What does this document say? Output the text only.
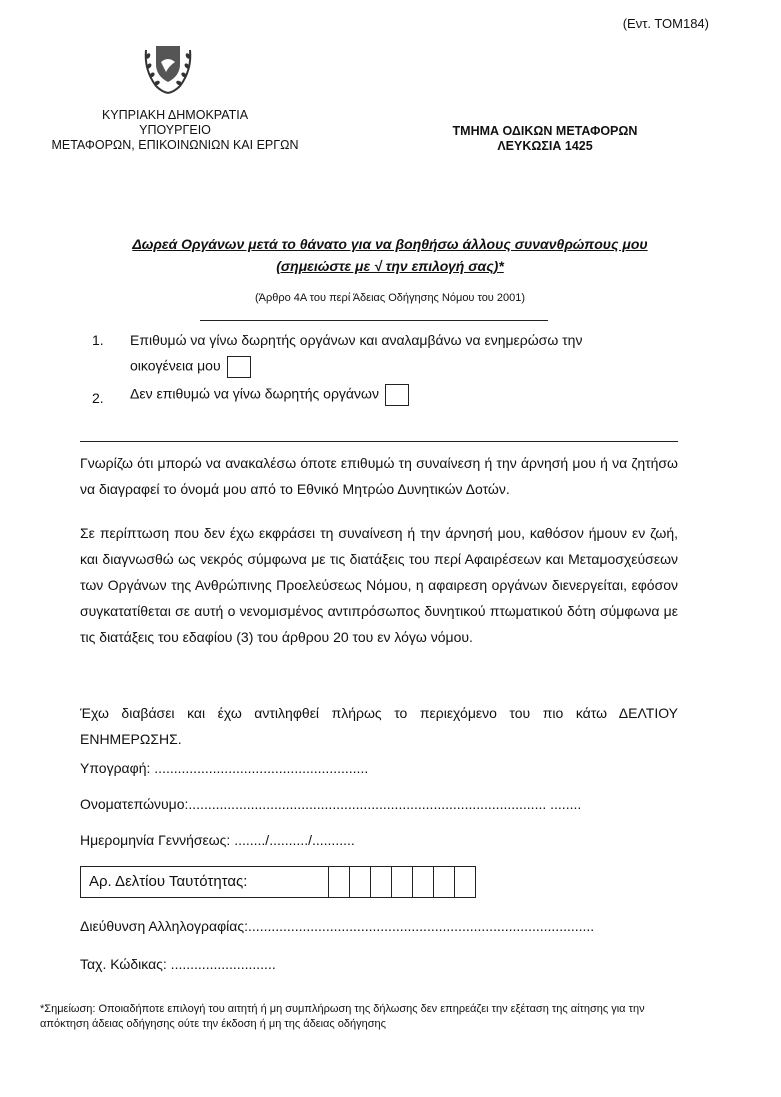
(Εντ. ΤΟΜ184)
ΚΥΠΡΙΑΚΗ ΔΗΜΟΚΡΑΤΙΑ
ΥΠΟΥΡΓΕΙΟ
ΜΕΤΑΦΟΡΩΝ, ΕΠΙΚΟΙΝΩΝΙΩΝ ΚΑΙ ΕΡΓΩΝ
ΤΜΗΜΑ ΟΔΙΚΩΝ ΜΕΤΑΦΟΡΩΝ
ΛΕΥΚΩΣΙΑ 1425
Δωρεά Οργάνων μετά το θάνατο για να βοηθήσω άλλους συνανθρώπους μου
(σημειώστε με √ την επιλογή σας)*
(Άρθρο 4Α του περί Άδειας Οδήγησης Νόμου του 2001)
1. Επιθυμώ να γίνω δωρητής οργάνων και αναλαμβάνω να ενημερώσω την
οικογένεια μου
2. Δεν επιθυμώ να γίνω δωρητής οργάνων
Γνωρίζω ότι μπορώ να ανακαλέσω όποτε επιθυμώ τη συναίνεση ή την άρνησή μου ή να ζητήσω να διαγραφεί το όνομά μου από το Εθνικό Μητρώο Δυνητικών Δοτών.
Σε περίπτωση που δεν έχω εκφράσει τη συναίνεση ή την άρνησή μου, καθόσον ήμουν εν ζωή, και διαγνωσθώ ως νεκρός σύμφωνα με τις διατάξεις του περί Αφαιρέσεων και Μεταμοσχεύσεων των Οργάνων της Ανθρώπινης Προελεύσεως Νόμου, η αφαιρεση οργάνων διενεργείται, εφόσον συγκατατίθεται σε αυτή ο νενομισμένος αντιπρόσωπος δυνητικού πτωματικού δότη σύμφωνα με τις διατάξεις του εδαφίου (3) του άρθρου 20 του εν λόγω νόμου.
Έχω διαβάσει και έχω αντιληφθεί πλήρως το περιεχόμενο του πιο κάτω ΔΕΛΤΙΟΥ ΕΝΗΜΕΡΩΣΗΣ.
Υπογραφή: .......................................................
Ονοματεπώνυμο:............................................................................................ ........
Ημερομηνία Γεννήσεως: ......../........../...........
Αρ. Δελτίου Ταυτότητας:
Διεύθυνση Αλληλογραφίας:.........................................................................................
Ταχ. Κώδικας: ...........................
*Σημείωση: Οποιαδήποτε επιλογή του αιτητή ή μη συμπλήρωση της δήλωσης δεν επηρεάζει την εξέταση της αίτησης για την απόκτηση άδειας οδήγησης ούτε την έκδοση ή μη της άδειας οδήγησης
